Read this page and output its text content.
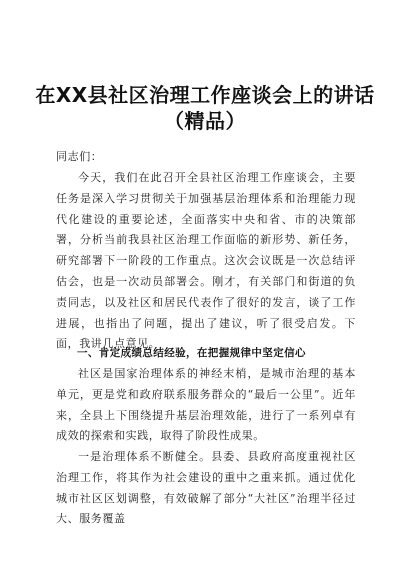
在XX县社区治理工作座谈会上的讲话
（精品）
同志们：

今天，我们在此召开全县社区治理工作座谈会，主要任务是深入学习贯彻关于加强基层治理体系和治理能力现代化建设的重要论述，全面落实中央和省、市的决策部署，分析当前我县社区治理工作面临的新形势、新任务，研究部署下一阶段的工作重点。这次会议既是一次总结评估会，也是一次动员部署会。刚才，有关部门和街道的负责同志，以及社区和居民代表作了很好的发言，谈了工作进展，也指出了问题，提出了建议，听了很受启发。下面，我讲几点意见。

一、肯定成绩总结经验，在把握规律中坚定信心

社区是国家治理体系的神经末梢，是城市治理的基本单元，更是党和政府联系服务群众的“最后一公里”。近年来，全县上下围绕提升基层治理效能，进行了一系列卓有成效的探索和实践，取得了阶段性成果。

一是治理体系不断健全。县委、县政府高度重视社区治理工作，将其作为社会建设的重中之重来抓。通过优化城市社区区划调整，有效破解了部分“大社区”治理半径过大、服务覆盖
